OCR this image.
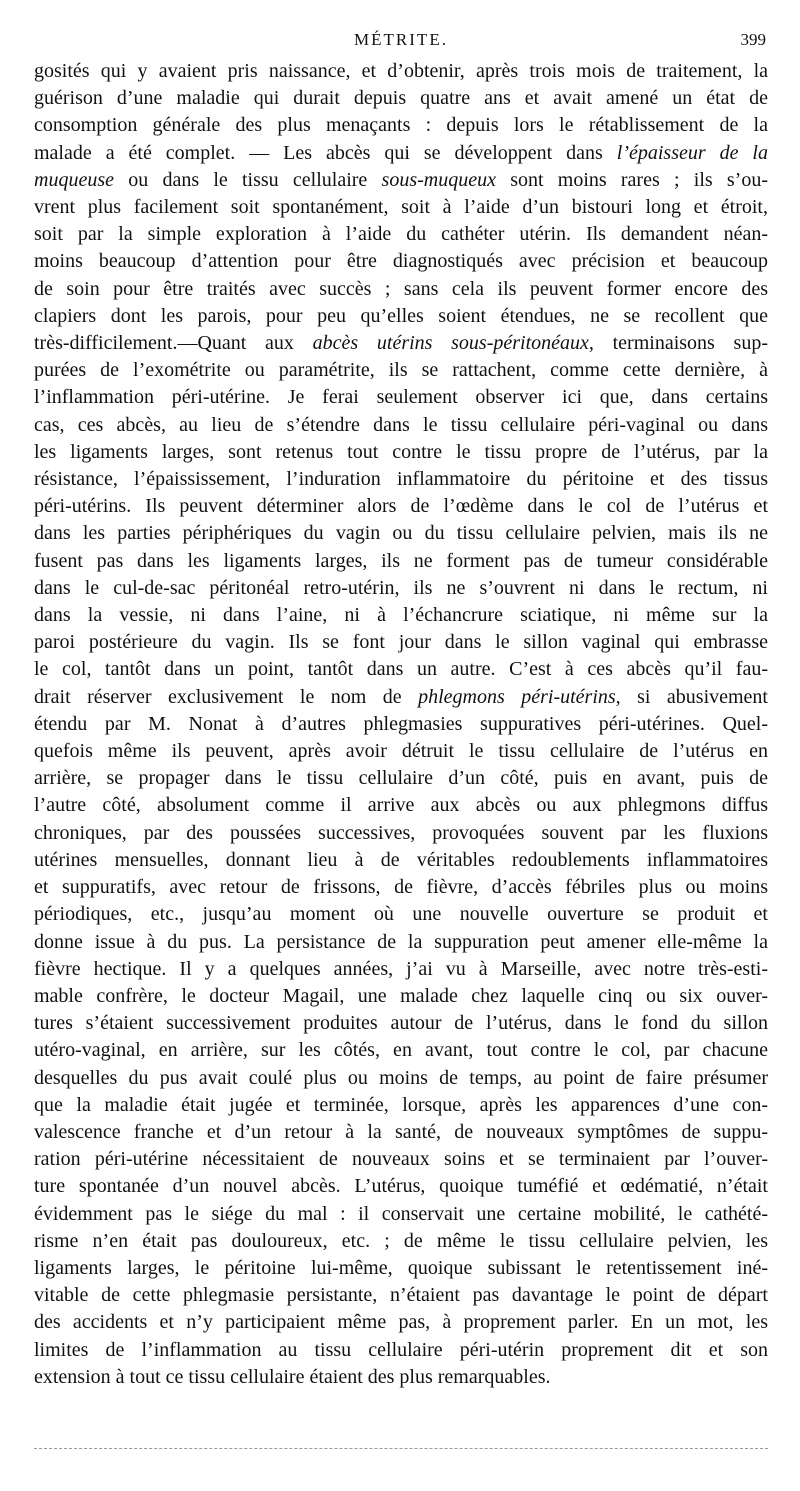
MÉTRITE.	399
gosités qui y avaient pris naissance, et d’obtenir, après trois mois de traitement, la
guérison d’une maladie qui durait depuis quatre ans et avait amené un état de
consomption générale des plus menaçants : depuis lors le rétablissement de la
malade a été complet. — Les abcès qui se développent dans l’épaisseur de la
muqueuse ou dans le tissu cellulaire sous-muqueux sont moins rares ; ils s’ou-
vrent plus facilement soit spontanément, soit à l’aide d’un bistouri long et étroit,
soit par la simple exploration à l’aide du cathéter utérin. Ils demandent néan-
moins beaucoup d’attention pour être diagnostiqués avec précision et beaucoup
de soin pour être traités avec succès ; sans cela ils peuvent former encore des
clapiers dont les parois, pour peu qu’elles soient étendues, ne se recollent que
très-difficilement.—Quant aux abcès utérins sous-péritonéaux, terminaisons sup-
purées de l’exométrite ou paramétrite, ils se rattachent, comme cette dernière, à
l’inflammation péri-utérine. Je ferai seulement observer ici que, dans certains
cas, ces abcès, au lieu de s’étendre dans le tissu cellulaire péri-vaginal ou dans
les ligaments larges, sont retenus tout contre le tissu propre de l’utérus, par la
résistance, l’épaississement, l’induration inflammatoire du péritoine et des tissus
péri-utérins. Ils peuvent déterminer alors de l’œdème dans le col de l’utérus et
dans les parties périphériques du vagin ou du tissu cellulaire pelvien, mais ils ne
fusent pas dans les ligaments larges, ils ne forment pas de tumeur considérable
dans le cul-de-sac péritonéal retro-utérin, ils ne s’ouvrent ni dans le rectum, ni
dans la vessie, ni dans l’aine, ni à l’échancrure sciatique, ni même sur la
paroi postérieure du vagin. Ils se font jour dans le sillon vaginal qui embrasse
le col, tantôt dans un point, tantôt dans un autre. C’est à ces abcès qu’il fau-
drait réserver exclusivement le nom de phlegmons péri-utérins, si abusivement
étendu par M. Nonat à d’autres phlegmasies suppuratives péri-utérines. Quel-
quefois même ils peuvent, après avoir détruit le tissu cellulaire de l’utérus en
arrière, se propager dans le tissu cellulaire d’un côté, puis en avant, puis de
l’autre côté, absolument comme il arrive aux abcès ou aux phlegmons diffus
chroniques, par des poussées successives, provoquées souvent par les fluxions
utérines mensuelles, donnant lieu à de véritables redoublements inflammatoires
et suppuratifs, avec retour de frissons, de fièvre, d’accès fébriles plus ou moins
périodiques, etc., jusqu’au moment où une nouvelle ouverture se produit et
donne issue à du pus. La persistance de la suppuration peut amener elle-même la
fièvre hectique. Il y a quelques années, j’ai vu à Marseille, avec notre très-esti-
mable confrère, le docteur Magail, une malade chez laquelle cinq ou six ouver-
tures s’étaient successivement produites autour de l’utérus, dans le fond du sillon
utéro-vaginal, en arrière, sur les côtés, en avant, tout contre le col, par chacune
desquelles du pus avait coulé plus ou moins de temps, au point de faire présumer
que la maladie était jugée et terminée, lorsque, après les apparences d’une con-
valescence franche et d’un retour à la santé, de nouveaux symptômes de suppu-
ration péri-utérine nécessitaient de nouveaux soins et se terminaient par l’ouver-
ture spontanée d’un nouvel abcès. L’utérus, quoique tuméfié et œdématié, n’était
évidemment pas le siége du mal : il conservait une certaine mobilité, le cathété-
risme n’en était pas douloureux, etc. ; de même le tissu cellulaire pelvien, les
ligaments larges, le péritoine lui-même, quoique subissant le retentissement iné-
vitable de cette phlegmasie persistante, n’étaient pas davantage le point de départ
des accidents et n’y participaient même pas, à proprement parler. En un mot, les
limites de l’inflammation au tissu cellulaire péri-utérin proprement dit et son
extension à tout ce tissu cellulaire étaient des plus remarquables.
